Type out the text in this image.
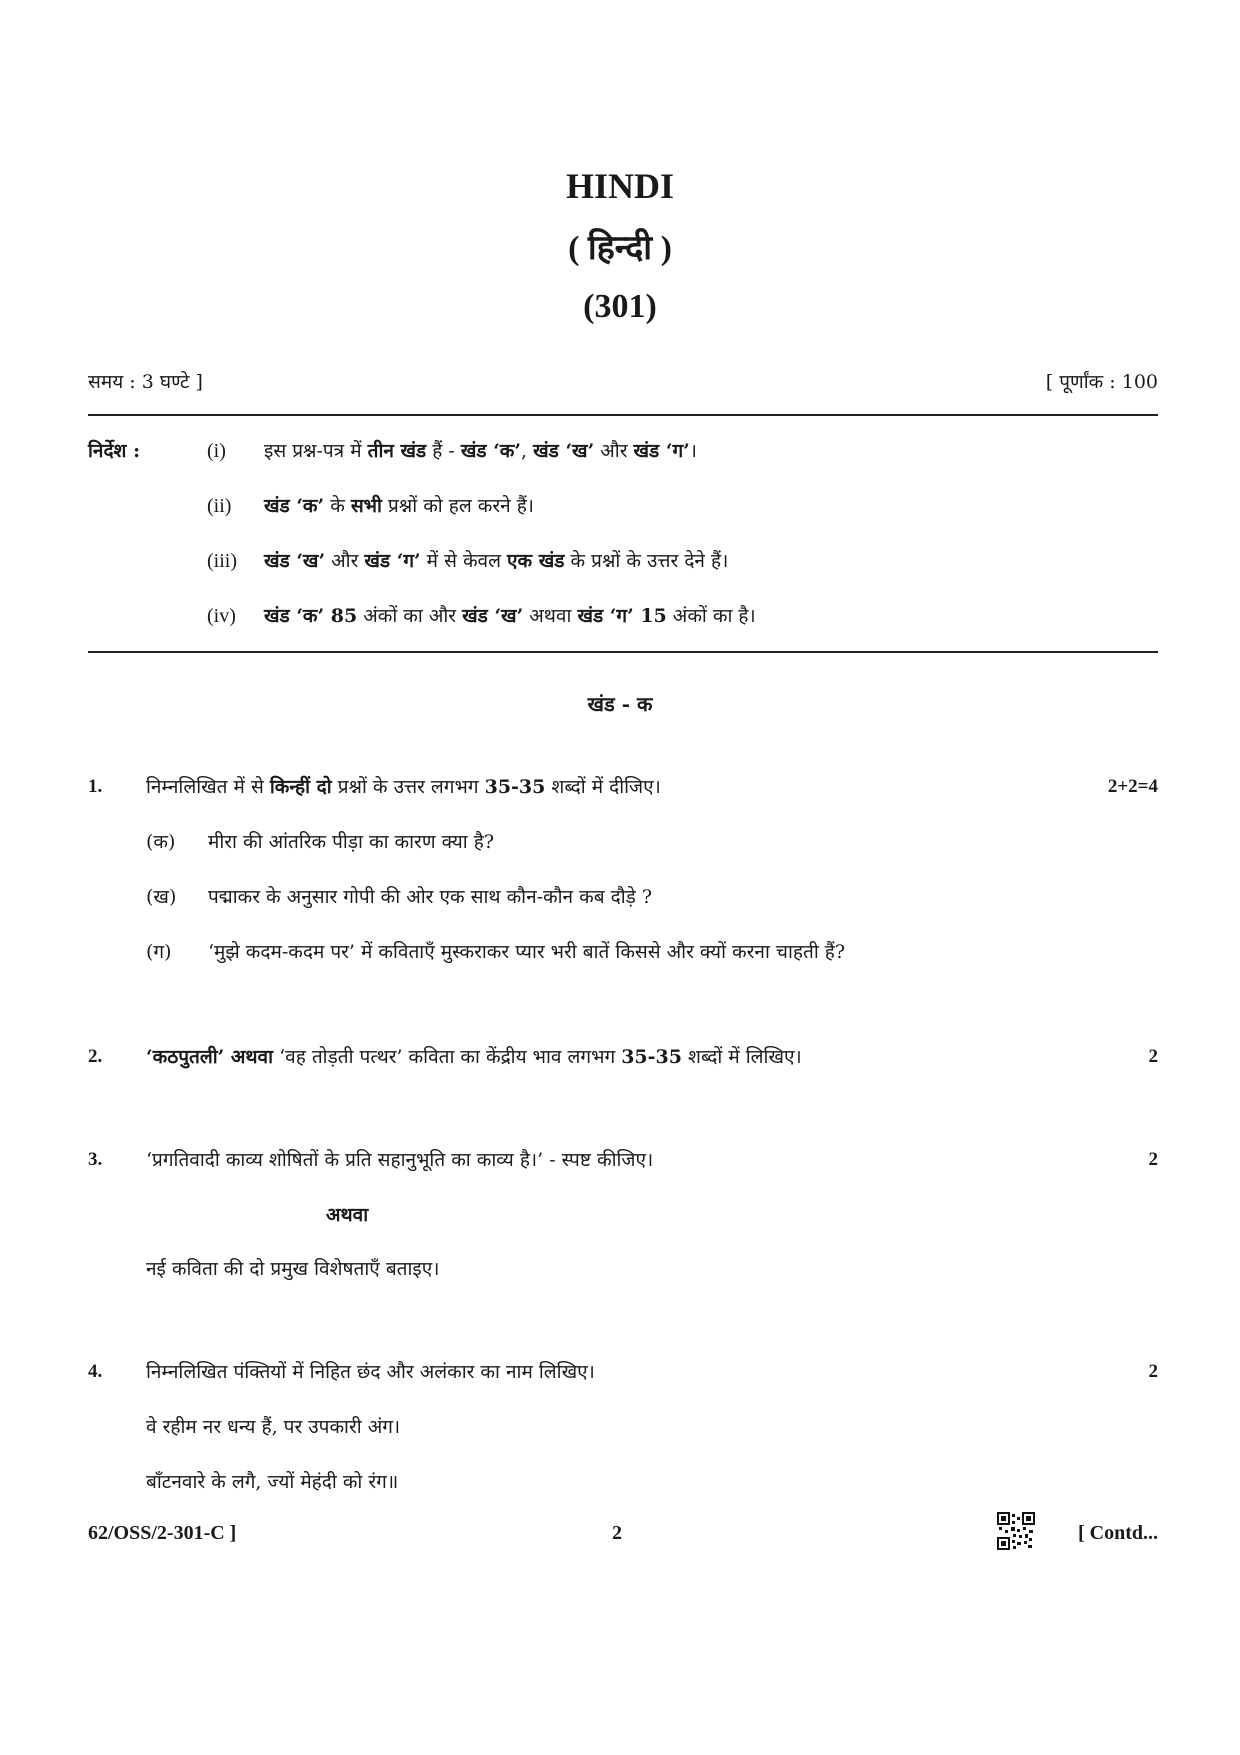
HINDI
( हिन्दी )
(301)
समय : 3 घण्टे ]	[ पूर्णांक : 100
निर्देश :	(i) इस प्रश्न-पत्र में तीन खंड हैं - खंड ‘क’, खंड ‘ख’ और खंड ‘ग’।
(ii) खंड ‘क’ के सभी प्रश्नों को हल करने हैं।
(iii) खंड ‘ख’ और खंड ‘ग’ में से केवल एक खंड के प्रश्नों के उत्तर देने हैं।
(iv) खंड ‘क’ 85 अंकों का और खंड ‘ख’ अथवा खंड ‘ग’ 15 अंकों का है।
खंड - क
1. निम्नलिखित में से किन्हीं दो प्रश्नों के उत्तर लगभग 35-35 शब्दों में दीजिए।	2+2=4
(क) मीरा की आंतरिक पीड़ा का कारण क्या है?
(ख) पद्माकर के अनुसार गोपी की ओर एक साथ कौन-कौन कब दौड़े ?
(ग) ‘मुझे कदम-कदम पर’ में कविताएँ मुस्कराकर प्यार भरी बातें किससे और क्यों करना चाहती हैं?
2. ‘कठपुतली’ अथवा ‘वह तोड़ती पत्थर’ कविता का केंद्रीय भाव लगभग 35-35 शब्दों में लिखिए।	2
3. ‘प्रगतिवादी काव्य शोषितों के प्रति सहानुभूति का काव्य है।’ - स्पष्ट कीजिए।	2
अथवा
नई कविता की दो प्रमुख विशेषताएँ बताइए।
4. निम्नलिखित पंक्तियों में निहित छंद और अलंकार का नाम लिखिए।	2
वे रहीम नर धन्य हैं, पर उपकारी अंग।
बाँटनवारे के लगै, ज्यों मेहंदी को रंग॥
62/OSS/2-301-C ]	2	[ Contd...
